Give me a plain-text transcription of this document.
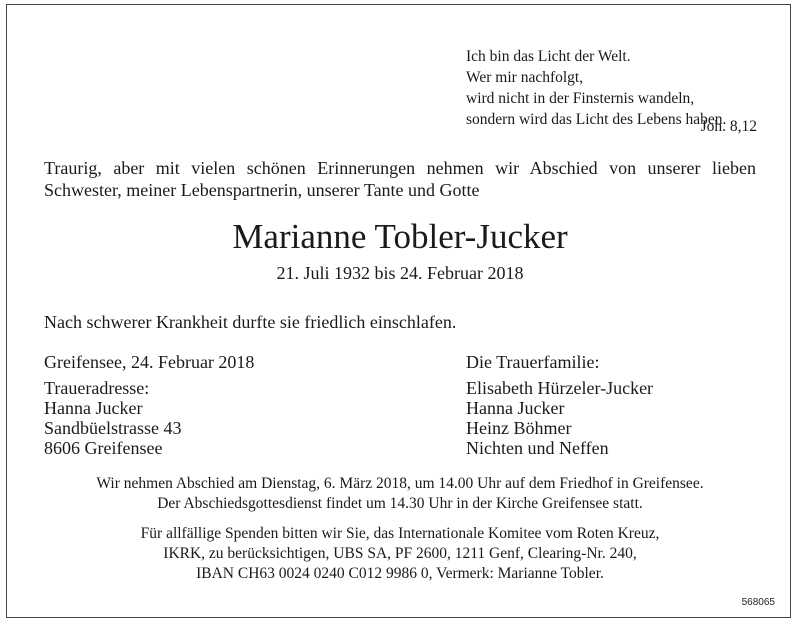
Ich bin das Licht der Welt.
Wer mir nachfolgt,
wird nicht in der Finsternis wandeln,
sondern wird das Licht des Lebens haben.
Joh. 8,12
Traurig, aber mit vielen schönen Erinnerungen nehmen wir Abschied von unserer lieben Schwester, meiner Lebenspartnerin, unserer Tante und Gotte
Marianne Tobler-Jucker
21. Juli 1932 bis 24. Februar 2018
Nach schwerer Krankheit durfte sie friedlich einschlafen.
Greifensee, 24. Februar 2018
Traueradresse:
Hanna Jucker
Sandbüelstrasse 43
8606 Greifensee
Die Trauerfamilie:
Elisabeth Hürzeler-Jucker
Hanna Jucker
Heinz Böhmer
Nichten und Neffen
Wir nehmen Abschied am Dienstag, 6. März 2018, um 14.00 Uhr auf dem Friedhof in Greifensee.
Der Abschiedsgottesdienst findet um 14.30 Uhr in der Kirche Greifensee statt.
Für allfällige Spenden bitten wir Sie, das Internationale Komitee vom Roten Kreuz,
IKRK, zu berücksichtigen, UBS SA, PF 2600, 1211 Genf, Clearing-Nr. 240,
IBAN CH63 0024 0240 C012 9986 0, Vermerk: Marianne Tobler.
568065
